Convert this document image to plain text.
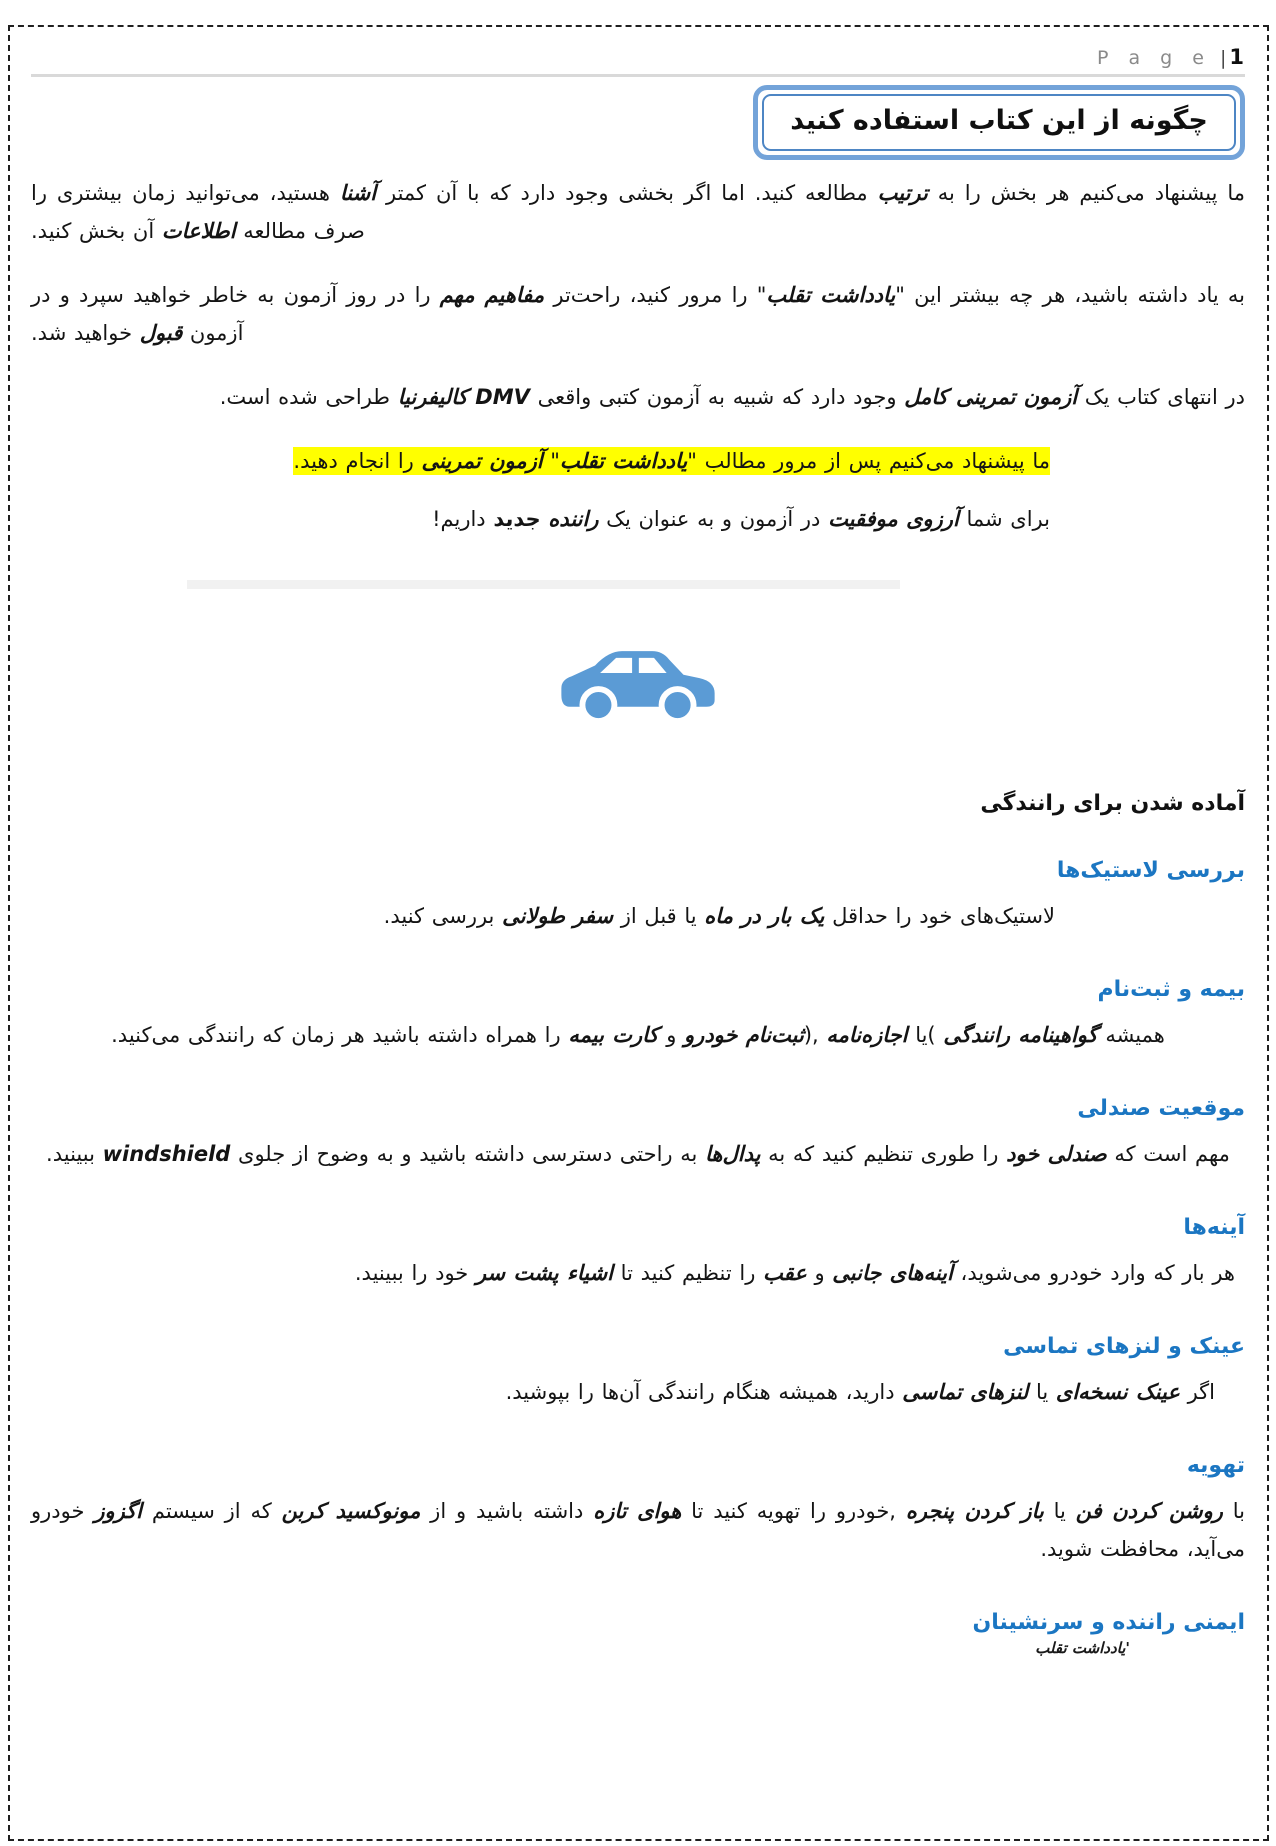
P a g e | 1
چگونه از این کتاب استفاده کنید

ما پیشنهاد می‌کنیم هر بخش را به ترتیب مطالعه کنید. اما اگر بخشی وجود دارد که با آن کمتر آشنا هستید، می‌توانید زمان بیشتری را صرف مطالعه اطلاعات آن بخش کنید.

به یاد داشته باشید، هر چه بیشتر این "یادداشت تقلب" را مرور کنید، راحت‌تر مفاهیم مهم را در روز آزمون به خاطر خواهید سپرد و در آزمون قبول خواهید شد.

در انتهای کتاب یک آزمون تمرینی کامل وجود دارد که شبیه به آزمون کتبی واقعی DMV کالیفرنیا طراحی شده است.

ما پیشنهاد می‌کنیم پس از مرور مطالب "یادداشت تقلب" آزمون تمرینی را انجام دهید.

برای شما آرزوی موفقیت در آزمون و به عنوان یک راننده جدید داریم!

آماده شدن برای رانندگی
بررسی لاستیک‌ها

لاستیک‌های خود را حداقل یک بار در ماه یا قبل از سفر طولانی بررسی کنید.

بیمه و ثبت‌نام

همیشه گواهینامه رانندگی )یا اجازه‌نامه ,(ثبت‌نام خودرو و کارت بیمه را همراه داشته باشید هر زمان که رانندگی می‌کنید.

موقعیت صندلی

مهم است که صندلی خود را طوری تنظیم کنید که به پدال‌ها به راحتی دسترسی داشته باشید و به وضوح از جلوی windshield ببینید.

آینه‌ها

هر بار که وارد خودرو می‌شوید، آینه‌های جانبی و عقب را تنظیم کنید تا اشیاء پشت سر خود را ببینید.

عینک و لنزهای تماسی

اگر عینک نسخه‌ای یا لنزهای تماسی دارید، همیشه هنگام رانندگی آن‌ها را بپوشید.

تهویه

با روشن کردن فن یا باز کردن پنجره ,خودرو را تهویه کنید تا هوای تازه داشته باشید و از مونوکسید کربن که از سیستم اگزوز خودرو می‌آید، محافظت شوید.

ایمنی راننده و سرنشینان

'یادداشت تقلب
